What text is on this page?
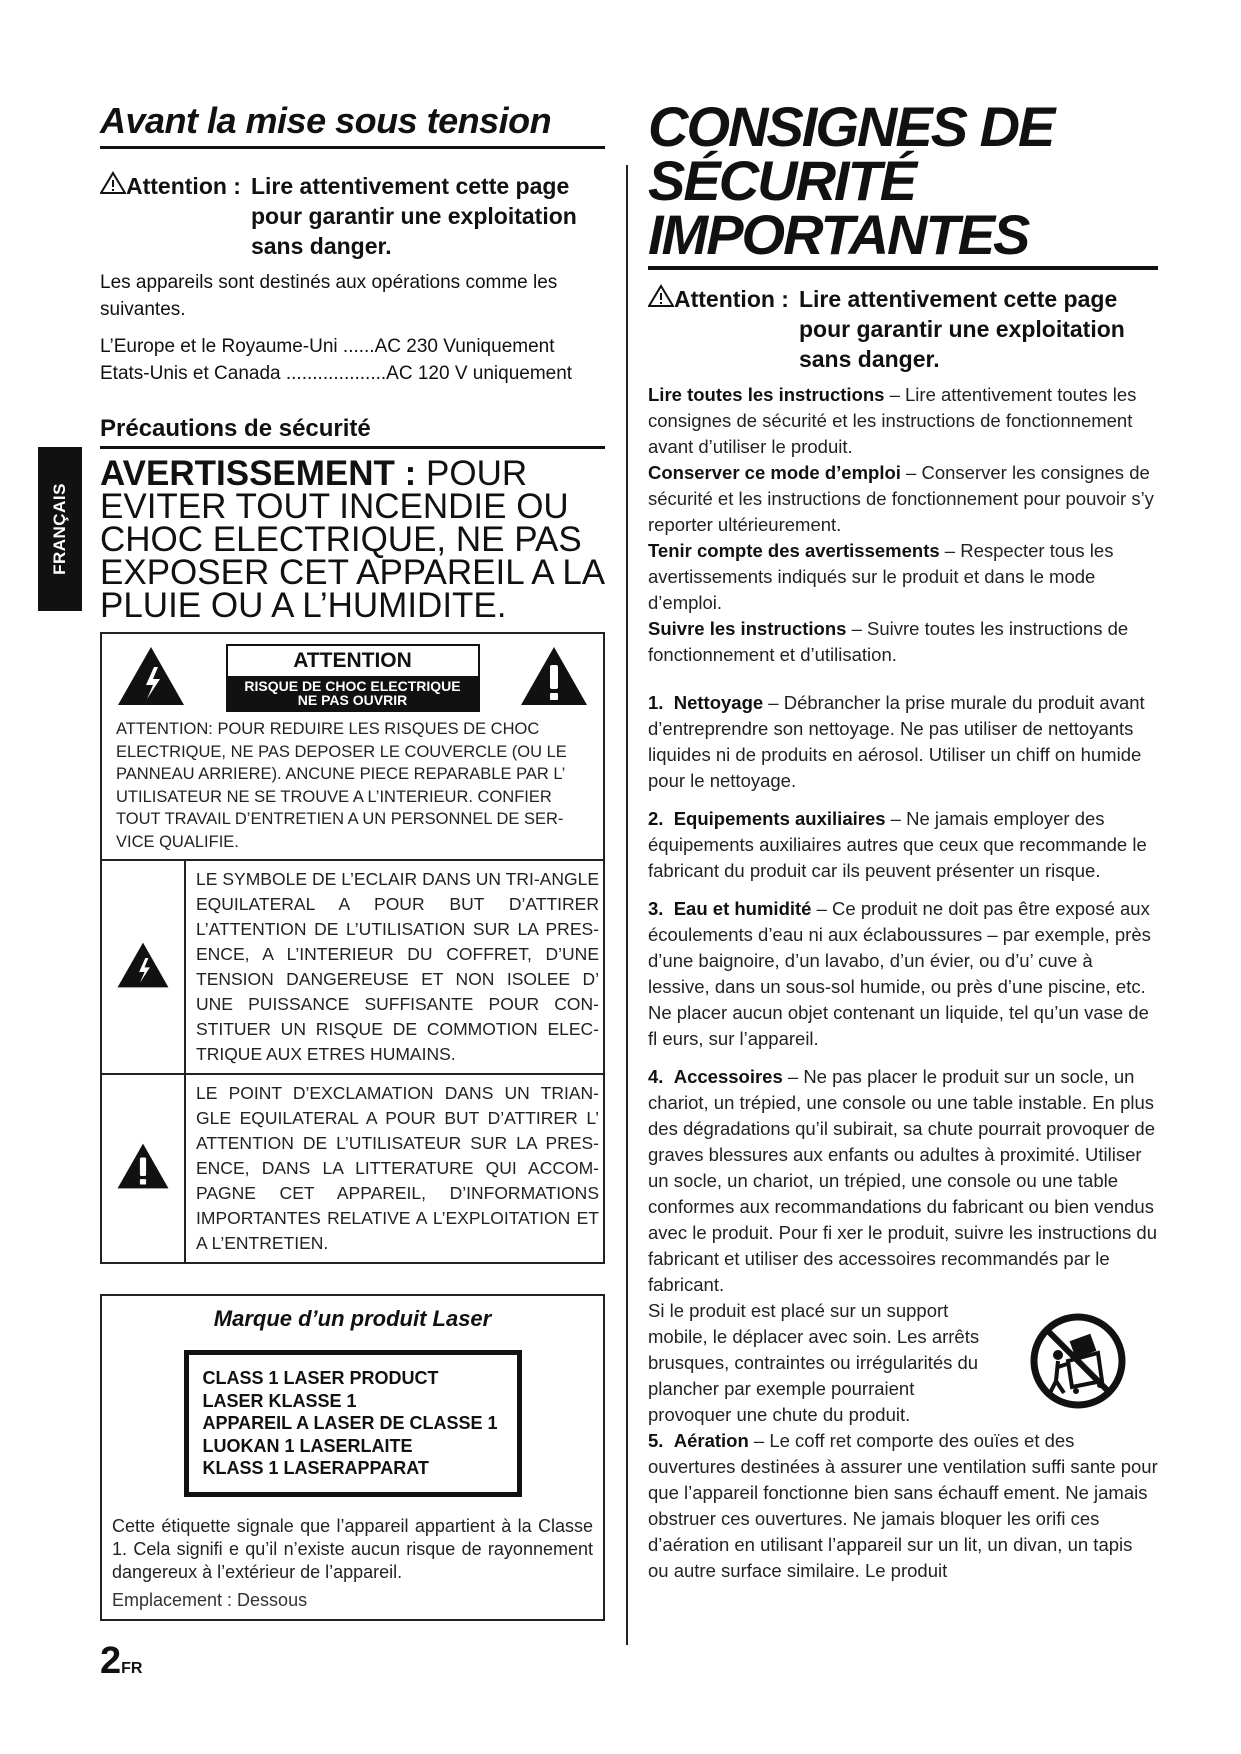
FRANÇAIS
Avant la mise sous tension
Attention : Lire attentivement cette page pour garantir une exploitation sans danger.

Les appareils sont destinés aux opérations comme les suivantes.

L’Europe et le Royaume-Uni ......AC 230 Vuniquement

Etats-Unis et Canada ...................AC 120 V uniquement

Précautions de sécurité
AVERTISSEMENT : POUR EVITER TOUT INCENDIE OU CHOC ELECTRIQUE, NE PAS EXPOSER CET APPAREIL A LA PLUIE OU A L’HUMIDITE.
ATTENTION
RISQUE DE CHOC ELECTRIQUE
NE PAS OUVRIR
ATTENTION: POUR REDUIRE LES RISQUES DE CHOC ELECTRIQUE, NE PAS DEPOSER LE COUVERCLE (OU LE PANNEAU ARRIERE). ANCUNE PIECE REPARABLE PAR L’ UTILISATEUR NE SE TROUVE A L’INTERIEUR. CONFIER TOUT TRAVAIL D’ENTRETIEN A UN PERSONNEL DE SER-VICE QUALIFIE.
LE SYMBOLE DE L’ECLAIR DANS UN TRI-ANGLE EQUILATERAL A POUR BUT D’ATTIRER L’ATTENTION DE L’UTILISATION SUR LA PRES-ENCE, A L’INTERIEUR DU COFFRET, D’UNE TENSION DANGEREUSE ET NON ISOLEE D’ UNE PUISSANCE SUFFISANTE POUR CON-STITUER UN RISQUE DE COMMOTION ELEC-TRIQUE AUX ETRES HUMAINS.
LE POINT D’EXCLAMATION DANS UN TRIAN-GLE EQUILATERAL A POUR BUT D’ATTIRER L’ ATTENTION DE L’UTILISATEUR SUR LA PRES-ENCE, DANS LA LITTERATURE QUI ACCOM-PAGNE CET APPAREIL, D’INFORMATIONS IMPORTANTES RELATIVE A L’EXPLOITATION ET A L’ENTRETIEN.
Marque d’un produit Laser
CLASS 1 LASER PRODUCT
LASER KLASSE 1
APPAREIL A LASER DE CLASSE 1
LUOKAN 1 LASERLAITE
KLASS 1 LASERAPPARAT
Cette étiquette signale que l’appareil appartient à la Classe 1. Cela signifi e qu’il n’existe aucun risque de rayonnement dangereux à l’extérieur de l’appareil.
Emplacement : Dessous
CONSIGNES DE
SÉCURITÉ IMPORTANTES
Attention : Lire attentivement cette page pour garantir une exploitation sans danger.

Lire toutes les instructions – Lire attentivement toutes les consignes de sécurité et les instructions de fonctionnement avant d’utiliser le produit.

Conserver ce mode d’emploi – Conserver les consignes de sécurité et les instructions de fonctionnement pour pouvoir s’y reporter ultérieurement.

Tenir compte des avertissements – Respecter tous les avertissements indiqués sur le produit et dans le mode d’emploi.

Suivre les instructions – Suivre toutes les instructions de fonctionnement et d’utilisation.

1. Nettoyage – Débrancher la prise murale du produit avant d’entreprendre son nettoyage. Ne pas utiliser de nettoyants liquides ni de produits en aérosol. Utiliser un chiff on humide pour le nettoyage.

2. Equipements auxiliaires – Ne jamais employer des équipements auxiliaires autres que ceux que recommande le fabricant du produit car ils peuvent présenter un risque.

3. Eau et humidité – Ce produit ne doit pas être exposé aux écoulements d’eau ni aux éclaboussures – par exemple, près d’une baignoire, d’un lavabo, d’un évier, ou d’u’ cuve à lessive, dans un sous-sol humide, ou près d’une piscine, etc. Ne placer aucun objet contenant un liquide, tel qu’un vase de fl eurs, sur l’appareil.

4. Accessoires – Ne pas placer le produit sur un socle, un chariot, un trépied, une console ou une table instable. En plus des dégradations qu’il subirait, sa chute pourrait provoquer de graves blessures aux enfants ou adultes à proximité. Utiliser un socle, un chariot, un trépied, une console ou une table conformes aux recommandations du fabricant ou bien vendus avec le produit. Pour fi xer le produit, suivre les instructions du fabricant et utiliser des accessoires recommandés par le fabricant.

Si le produit est placé sur un support mobile, le déplacer avec soin. Les arrêts brusques, contraintes ou irrégularités du plancher par exemple pourraient provoquer une chute du produit.

5. Aération – Le coff ret comporte des ouïes et des ouvertures destinées à assurer une ventilation suffi sante pour que l’appareil fonctionne bien sans échauff ement. Ne jamais obstruer ces ouvertures. Ne jamais bloquer les orifi ces d’aération en utilisant l’appareil sur un lit, un divan, un tapis ou autre surface similaire. Le produit

2FR
